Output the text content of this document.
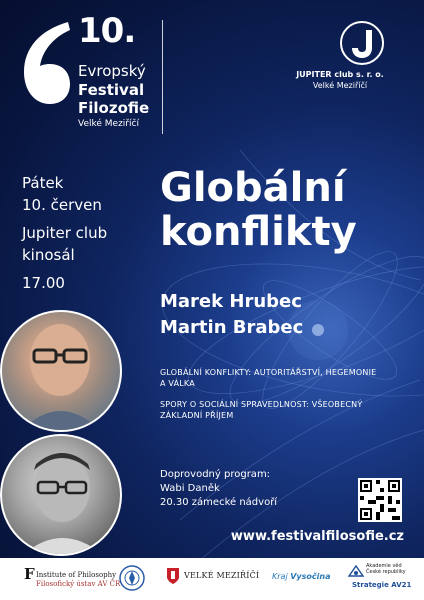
10.
Evropský
Festival
Filozofie
Velké Meziříčí
JUPITER club s. r. o.
Velké Meziříčí
Pátek
10. červen
Jupiter club
kinosál
17.00
Globální
konflikty
Marek Hrubec
Martin Brabec
GLOBÁLNÍ KONFLIKTY: AUTORITÁŘSTVÍ, HEGEMONIE
A VÁLKA
SPORY O SOCIÁLNÍ SPRAVEDLNOST: VŠEOBECNÝ
ZÁKLADNÍ PŘÍJEM
Doprovodný program:
Wabi Daněk
20.30 zámecké nádvoří
www.festivalfilosofie.cz
F Institute of Philosophy
Filosofický ústav AV ČR
VELKÉ MEZIŘÍČÍ Kraj Vysočina
Akademie věd
České republiky
Strategie AV21
